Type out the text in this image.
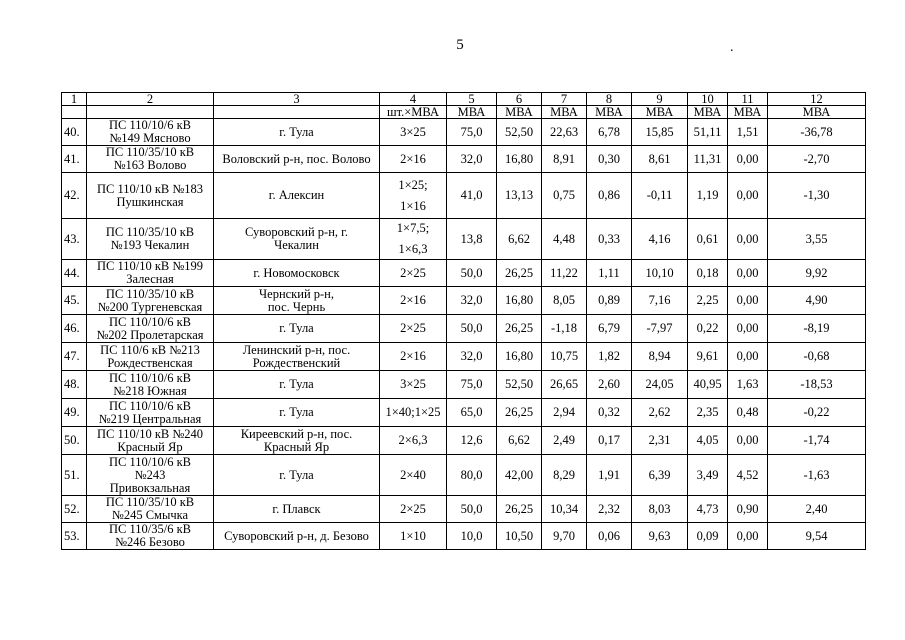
5	.
1	2	3	4	5	6	7	8	9	10	11	12
			шт.×МВА	МВА	МВА	МВА	МВА	МВА	МВА	МВА	МВА
40.	ПС 110/10/6 кВ
№149 Мясново	г. Тула	3×25	75,0	52,50	22,63	6,78	15,85	51,11	1,51	-36,78
41.	ПС 110/35/10 кВ
№163 Волово	Воловский р-н, пос. Волово	2×16	32,0	16,80	8,91	0,30	8,61	11,31	0,00	-2,70
42.	ПС 110/10 кВ №183
Пушкинская	г. Алексин	1×25;
1×16	41,0	13,13	0,75	0,86	-0,11	1,19	0,00	-1,30
43.	ПС 110/35/10 кВ
№193 Чекалин	Суворовский р-н, г.
Чекалин	1×7,5;
1×6,3	13,8	6,62	4,48	0,33	4,16	0,61	0,00	3,55
44.	ПС 110/10 кВ №199
Залесная	г. Новомосковск	2×25	50,0	26,25	11,22	1,11	10,10	0,18	0,00	9,92
45.	ПС 110/35/10 кВ
№200 Тургеневская	Чернский р-н,
пос. Чернь	2×16	32,0	16,80	8,05	0,89	7,16	2,25	0,00	4,90
46.	ПС 110/10/6 кВ
№202 Пролетарская	г. Тула	2×25	50,0	26,25	-1,18	6,79	-7,97	0,22	0,00	-8,19
47.	ПС 110/6 кВ №213
Рождественская	Ленинский р-н, пос.
Рождественский	2×16	32,0	16,80	10,75	1,82	8,94	9,61	0,00	-0,68
48.	ПС 110/10/6 кВ
№218 Южная	г. Тула	3×25	75,0	52,50	26,65	2,60	24,05	40,95	1,63	-18,53
49.	ПС 110/10/6 кВ
№219 Центральная	г. Тула	1×40;1×25	65,0	26,25	2,94	0,32	2,62	2,35	0,48	-0,22
50.	ПС 110/10 кВ №240
Красный Яр	Киреевский р-н, пос.
Красный Яр	2×6,3	12,6	6,62	2,49	0,17	2,31	4,05	0,00	-1,74
51.	ПС 110/10/6 кВ
№243
Привокзальная	г. Тула	2×40	80,0	42,00	8,29	1,91	6,39	3,49	4,52	-1,63
52.	ПС 110/35/10 кВ
№245 Смычка	г. Плавск	2×25	50,0	26,25	10,34	2,32	8,03	4,73	0,90	2,40
53.	ПС 110/35/6 кВ
№246 Безово	Суворовский р-н, д. Безово	1×10	10,0	10,50	9,70	0,06	9,63	0,09	0,00	9,54
